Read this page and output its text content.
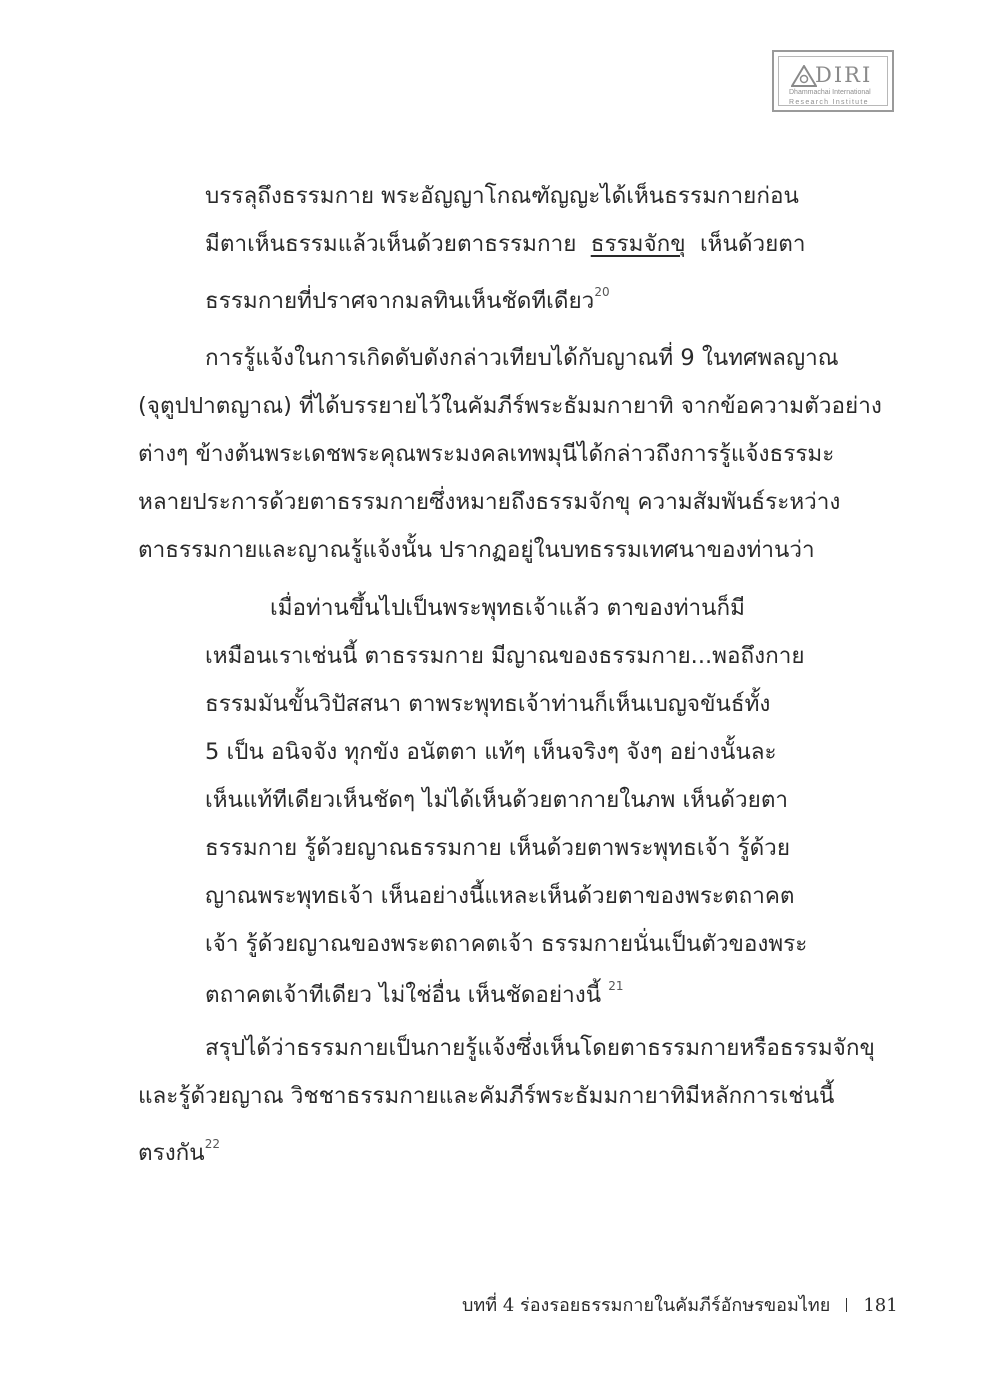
DIRI
Dhammachai International
Research Institute
บรรลุถึงธรรมกาย พระอัญญาโกณฑัญญะได้เห็นธรรมกายก่อน
มีตาเห็นธรรมแล้วเห็นด้วยตาธรรมกาย ธรรมจักขุ เห็นด้วยตา
ธรรมกายที่ปราศจากมลทินเห็นชัดทีเดียว$^{20}$
การรู้แจ้งในการเกิดดับดังกล่าวเทียบได้กับญาณที่ 9 ในทศพลญาณ
(จุตูปปาตญาณ) ที่ได้บรรยายไว้ในคัมภีร์พระธัมมกายาทิ จากข้อความตัวอย่าง
ต่างๆ ข้างต้นพระเดชพระคุณพระมงคลเทพมุนีได้กล่าวถึงการรู้แจ้งธรรมะ
หลายประการด้วยตาธรรมกายซึ่งหมายถึงธรรมจักขุ ความสัมพันธ์ระหว่าง
ตาธรรมกายและญาณรู้แจ้งนั้น ปรากฏอยู่ในบทธรรมเทศนาของท่านว่า
เมื่อท่านขึ้นไปเป็นพระพุทธเจ้าแล้ว ตาของท่านก็มี
เหมือนเราเช่นนี้ ตาธรรมกาย มีญาณของธรรมกาย...พอถึงกาย
ธรรมมันขั้นวิปัสสนา ตาพระพุทธเจ้าท่านก็เห็นเบญจขันธ์ทั้ง
5 เป็น อนิจจัง ทุกขัง อนัตตา แท้ๆ เห็นจริงๆ จังๆ อย่างนั้นละ
เห็นแท้ทีเดียวเห็นชัดๆ ไม่ได้เห็นด้วยตากายในภพ เห็นด้วยตา
ธรรมกาย รู้ด้วยญาณธรรมกาย เห็นด้วยตาพระพุทธเจ้า รู้ด้วย
ญาณพระพุทธเจ้า เห็นอย่างนี้แหละเห็นด้วยตาของพระตถาคต
เจ้า รู้ด้วยญาณของพระตถาคตเจ้า ธรรมกายนั่นเป็นตัวของพระ
ตถาคตเจ้าทีเดียว ไม่ใช่อื่น เห็นชัดอย่างนี้ $^{21}$
สรุปได้ว่าธรรมกายเป็นกายรู้แจ้งซึ่งเห็นโดยตาธรรมกายหรือธรรมจักขุ
และรู้ด้วยญาณ วิชชาธรรมกายและคัมภีร์พระธัมมกายาทิมีหลักการเช่นนี้
ตรงกัน$^{22}$
บทที่ 4 ร่องรอยธรรมกายในคัมภีร์อักษรขอมไทย 181
